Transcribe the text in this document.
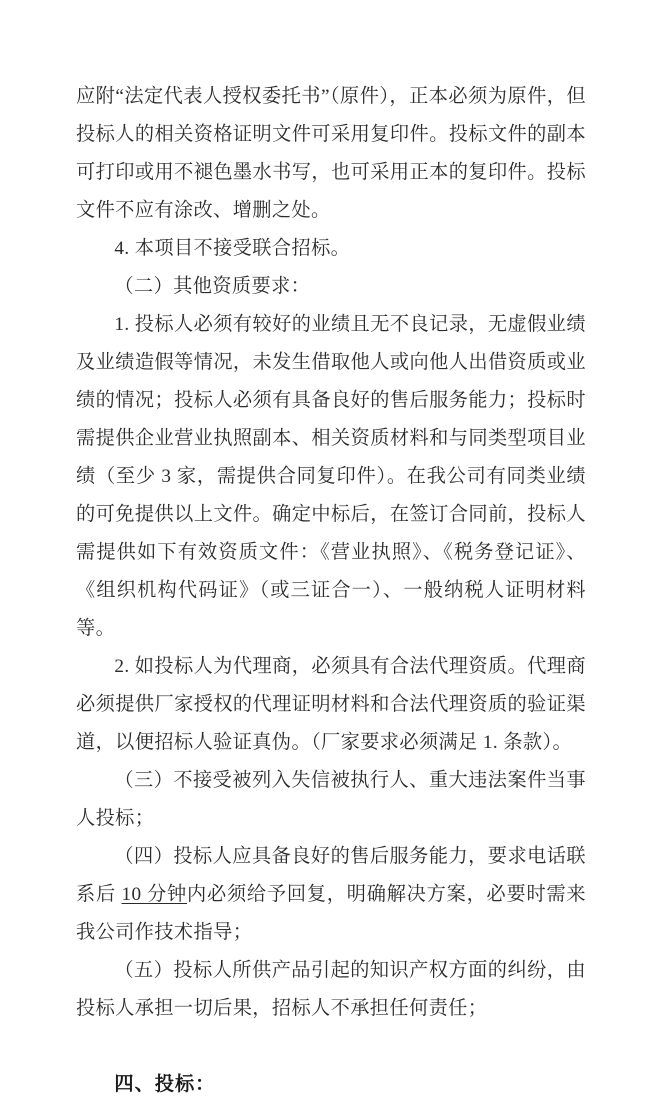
应附“法定代表人授权委托书”（原件），正本必须为原件，但投标人的相关资格证明文件可采用复印件。投标文件的副本可打印或用不褪色墨水书写，也可采用正本的复印件。投标文件不应有涂改、增删之处。

4. 本项目不接受联合招标。

（二）其他资质要求：

1. 投标人必须有较好的业绩且无不良记录，无虚假业绩及业绩造假等情况，未发生借取他人或向他人出借资质或业绩的情况；投标人必须有具备良好的售后服务能力；投标时需提供企业营业执照副本、相关资质材料和与同类型项目业绩（至少 3 家，需提供合同复印件）。在我公司有同类业绩的可免提供以上文件。确定中标后，在签订合同前，投标人需提供如下有效资质文件：《营业执照》、《税务登记证》、《组织机构代码证》（或三证合一）、一般纳税人证明材料等。

2. 如投标人为代理商，必须具有合法代理资质。代理商必须提供厂家授权的代理证明材料和合法代理资质的验证渠道，以便招标人验证真伪。（厂家要求必须满足 1. 条款）。

（三）不接受被列入失信被执行人、重大违法案件当事人投标；

（四）投标人应具备良好的售后服务能力，要求电话联系后 10 分钟内必须给予回复，明确解决方案，必要时需来我公司作技术指导；

（五）投标人所供产品引起的知识产权方面的纠纷，由投标人承担一切后果，招标人不承担任何责任；

四、投标：
